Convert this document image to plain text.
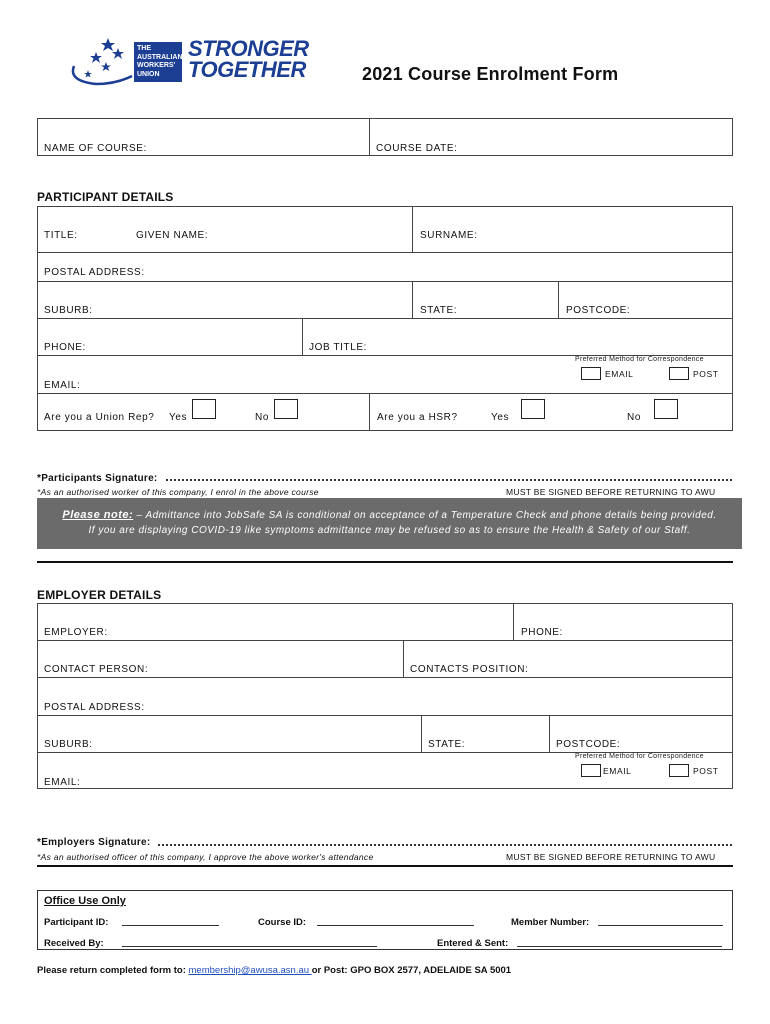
THE
AUSTRALIAN
WORKERS'
UNION
STRONGER
TOGETHER	2021 Course Enrolment Form
NAME OF COURSE:	COURSE DATE:
PARTICIPANT DETAILS
TITLE:	GIVEN NAME:	SURNAME:
POSTAL ADDRESS:
SUBURB:	STATE:	POSTCODE:
PHONE:	JOB TITLE:
Preferred Method for Correspondence
EMAIL	POST
EMAIL:
Are you a Union Rep? Yes	No	Are you a HSR?	Yes	No
*Participants Signature:
*As an authorised worker of this company, I enrol in the above course	MUST BE SIGNED BEFORE RETURNING TO AWU
Please note: – Admittance into JobSafe SA is conditional on acceptance of a Temperature Check and phone details being provided.
If you are displaying COVID-19 like symptoms admittance may be refused so as to ensure the Health & Safety of our Staff.
EMPLOYER DETAILS
EMPLOYER:	PHONE:
CONTACT PERSON:	CONTACTS POSITION:
POSTAL ADDRESS:
SUBURB:	STATE:	POSTCODE:
Preferred Method for Correspondence
EMAIL	POST
EMAIL:
*Employers Signature:
*As an authorised officer of this company, I approve the above worker's attendance	MUST BE SIGNED BEFORE RETURNING TO AWU
Office Use Only
Participant ID:	Course ID:	Member Number:
Received By:	Entered & Sent:
Please return completed form to: membership@awusa.asn.au or Post: GPO BOX 2577, ADELAIDE SA 5001
